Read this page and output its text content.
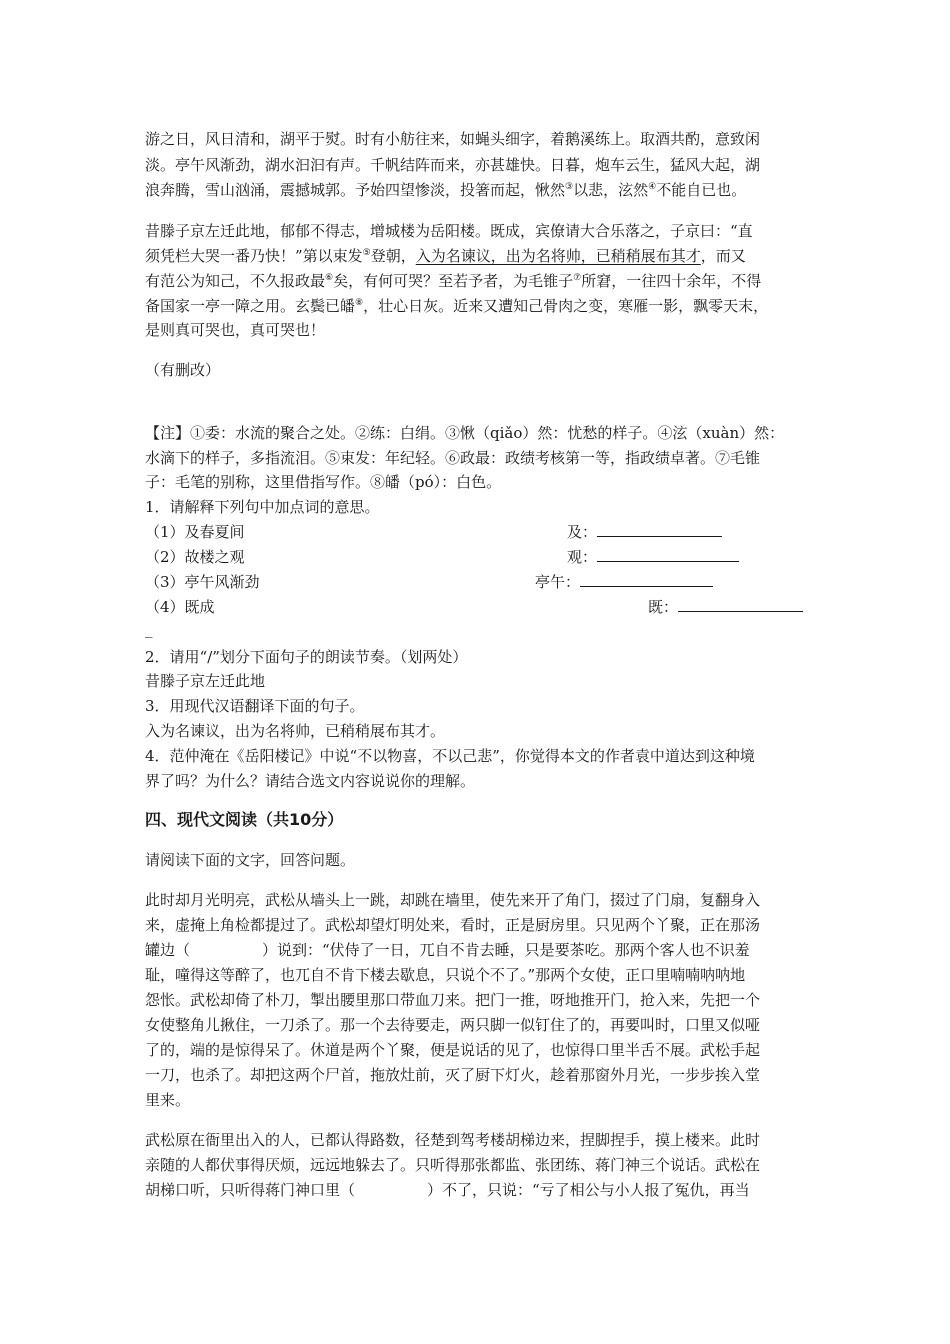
游之日，风日清和，湖平于熨。时有小舫往来，如蝇头细字，着鹅溪练上。取酒共酌，意致闲
淡。亭午风渐劲，湖水汩汩有声。千帆结阵而来，亦甚雄快。日暮，炮车云生，猛风大起，湖
浪奔腾，雪山汹涌，震撼城郭。予始四望惨淡，投箸而起，愀然③以悲，泫然④不能自已也。
昔滕子京左迁此地，郁郁不得志，增城楼为岳阳楼。既成，宾僚请大合乐落之，子京曰：“直
须凭栏大哭一番乃快！”第以束发⑤登朝，入为名谏议，出为名将帅，已稍稍展布其才，而又
有范公为知己，不久报政最⑥矣，有何可哭？至若予者，为毛锥子⑦所窘，一往四十余年，不得
备国家一亭一障之用。玄鬓已皤⑧，壮心日灰。近来又遭知己骨肉之变，寒雁一影，飘零天末，
是则真可哭也，真可哭也！
（有删改）
【注】①委：水流的聚合之处。②练：白绢。③愀（qiǎo）然：忧愁的样子。④泫（xuàn）然：
水滴下的样子，多指流泪。⑤束发：年纪轻。⑥政最：政绩考核第一等，指政绩卓著。⑦毛锥
子：毛笔的别称，这里借指写作。⑧皤（pó）：白色。
1．请解释下列句中加点词的意思。
（1）及春夏间	及：
（2）故楼之观	观：
（3）亭午风渐劲	亭午：
（4）既成	既：
_
2．请用“/”划分下面句子的朗读节奏。（划两处）
昔滕子京左迁此地
3．用现代汉语翻译下面的句子。
入为名谏议，出为名将帅，已稍稍展布其才。
4．范仲淹在《岳阳楼记》中说“不以物喜，不以己悲”，你觉得本文的作者袁中道达到这种境
界了吗？为什么？请结合选文内容说说你的理解。
四、现代文阅读（共10分）
请阅读下面的文字，回答问题。
此时却月光明亮，武松从墙头上一跳，却跳在墙里，使先来开了角门，掇过了门扇，复翻身入
来，虚掩上角检都提过了。武松却望灯明处来，看时，正是厨房里。只见两个丫聚，正在那汤
罐边（	）说到：“伏侍了一日，兀自不肯去睡，只是要茶吃。那两个客人也不识羞
耻，噇得这等醉了，也兀自不肯下楼去歇息，只说个不了。”那两个女使，正口里喃喃呐呐地
怨怅。武松却倚了朴刀，掣出腰里那口带血刀来。把门一推，呀地推开门，抢入来，先把一个
女使整角儿揪住，一刀杀了。那一个去待要走，两只脚一似钉住了的，再要叫时，口里又似哑
了的，端的是惊得呆了。休道是两个丫聚，便是说话的见了，也惊得口里半舌不展。武松手起
一刀，也杀了。却把这两个尸首，拖放灶前，灭了厨下灯火，趁着那窗外月光，一步步挨入堂
里来。
武松原在衙里出入的人，已都认得路数，径楚到驾考楼胡梯边来，捏脚捏手，摸上楼来。此时
亲随的人都伏事得厌烦，远远地躲去了。只听得那张都监、张团练、蒋门神三个说话。武松在
胡梯口听，只听得蒋门神口里（	）不了，只说：“亏了相公与小人报了冤仇，再当
